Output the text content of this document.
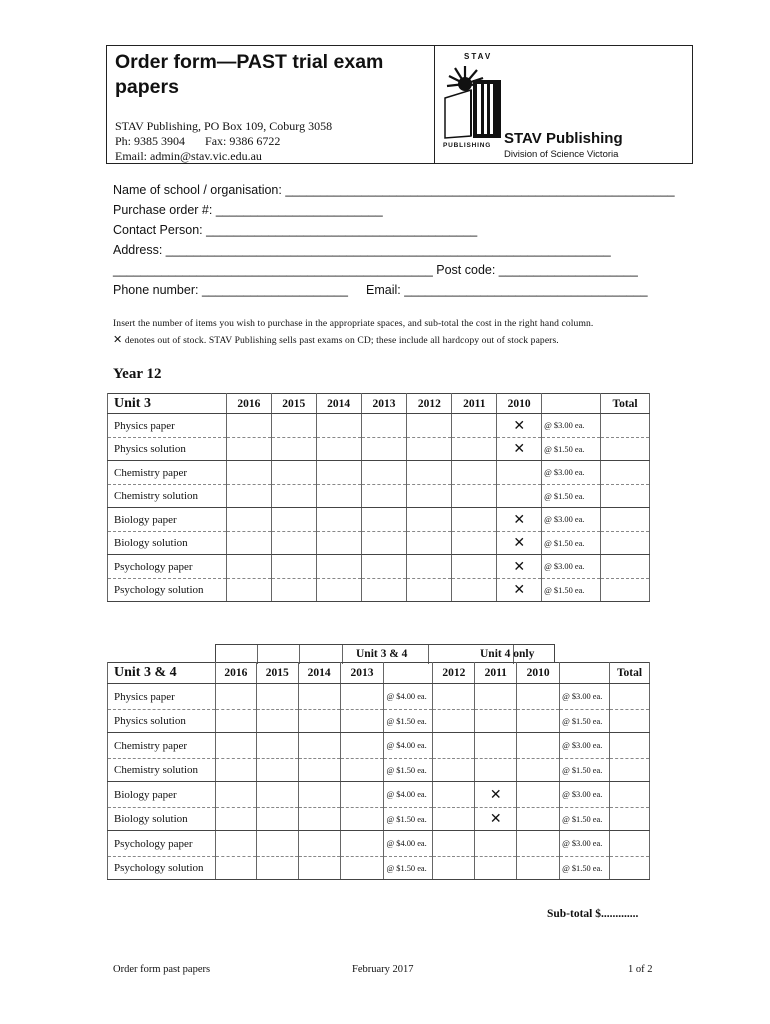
Order form—PAST trial exam papers
STAV Publishing, PO Box 109, Coburg 3058
Ph: 9385 3904 Fax: 9386 6722
Email: admin@stav.vic.edu.au
STAV
PUBLISHING STAV Publishing
Division of Science Victoria
Name of school / organisation: ________________________________________________________
Purchase order #: ________________________
Contact Person: _______________________________________
Address: ________________________________________________________________
______________________________________________ Post code: ____________________
Phone number: _____________________ Email: ___________________________________
Insert the number of items you wish to purchase in the appropriate spaces, and sub-total the cost in the right hand column.
✕ denotes out of stock. STAV Publishing sells past exams on CD; these include all hardcopy out of stock papers.
Year 12
Unit 3	2016	2015	2014	2013	2012	2011	2010		Total
Physics paper							✕	@ $3.00 ea.	
Physics solution							✕	@ $1.50 ea.	
Chemistry paper								@ $3.00 ea.	
Chemistry solution								@ $1.50 ea.	
Biology paper							✕	@ $3.00 ea.	
Biology solution							✕	@ $1.50 ea.	
Psychology paper							✕	@ $3.00 ea.	
Psychology solution							✕	@ $1.50 ea.	
Unit 3 & 4	Unit 4 only
Unit 3 & 4	2016	2015	2014	2013		2012	2011	2010		Total
Physics paper					@ $4.00 ea.				@ $3.00 ea.	
Physics solution					@ $1.50 ea.				@ $1.50 ea.	
Chemistry paper					@ $4.00 ea.				@ $3.00 ea.	
Chemistry solution					@ $1.50 ea.				@ $1.50 ea.	
Biology paper					@ $4.00 ea.		✕		@ $3.00 ea.	
Biology solution					@ $1.50 ea.		✕		@ $1.50 ea.	
Psychology paper					@ $4.00 ea.				@ $3.00 ea.	
Psychology solution					@ $1.50 ea.				@ $1.50 ea.	
Sub-total $.............
Order form past papers	February 2017	1 of 2
